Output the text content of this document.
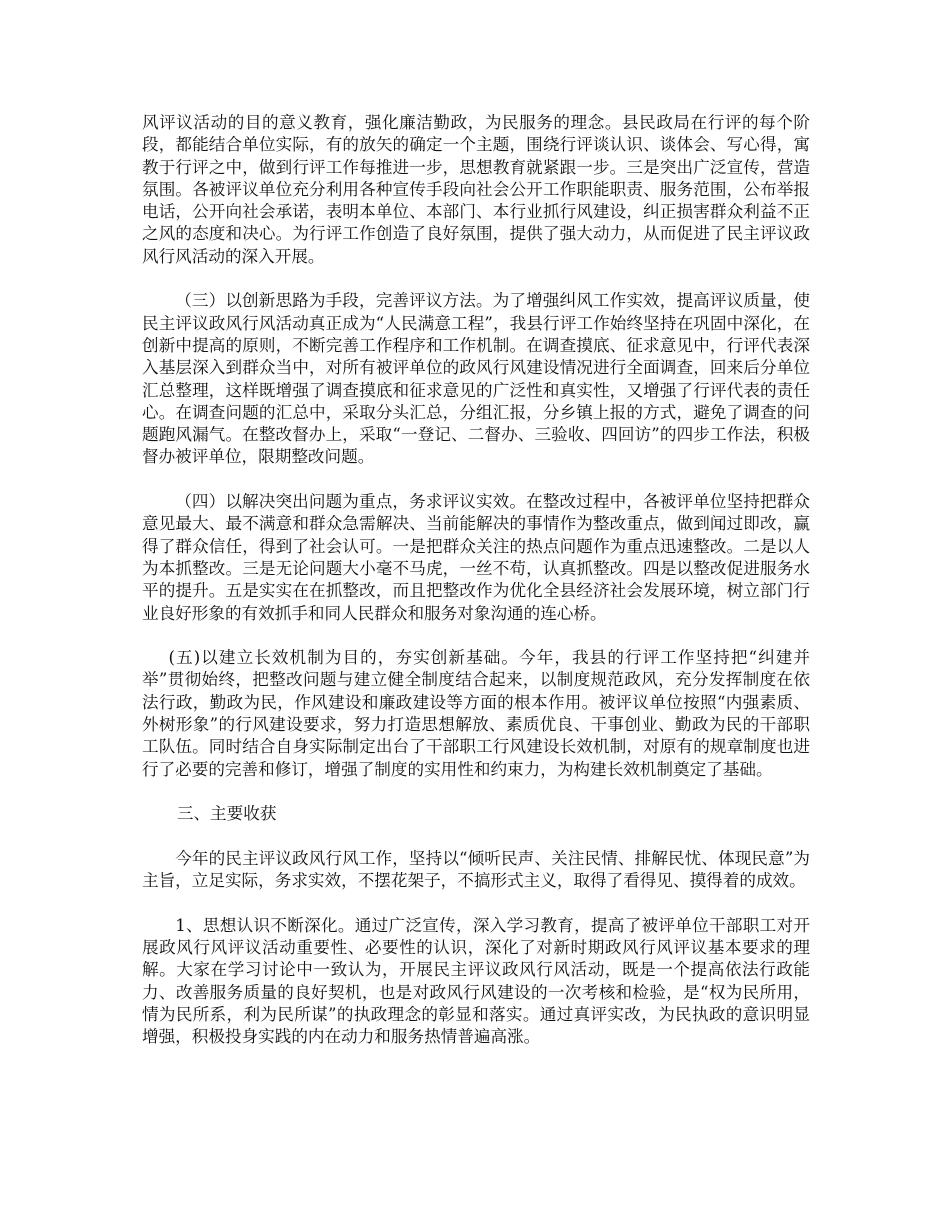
风评议活动的目的意义教育，强化廉洁勤政，为民服务的理念。县民政局在行评的每个阶段，都能结合单位实际，有的放矢的确定一个主题，围绕行评谈认识、谈体会、写心得，寓教于行评之中，做到行评工作每推进一步，思想教育就紧跟一步。三是突出广泛宣传，营造氛围。各被评议单位充分利用各种宣传手段向社会公开工作职能职责、服务范围，公布举报电话，公开向社会承诺，表明本单位、本部门、本行业抓行风建设，纠正损害群众利益不正之风的态度和决心。为行评工作创造了良好氛围，提供了强大动力，从而促进了民主评议政风行风活动的深入开展。

（三）以创新思路为手段，完善评议方法。为了增强纠风工作实效，提高评议质量，使民主评议政风行风活动真正成为“人民满意工程”，我县行评工作始终坚持在巩固中深化，在创新中提高的原则，不断完善工作程序和工作机制。在调查摸底、征求意见中，行评代表深入基层深入到群众当中，对所有被评单位的政风行风建设情况进行全面调查，回来后分单位汇总整理，这样既增强了调查摸底和征求意见的广泛性和真实性，又增强了行评代表的责任心。在调查问题的汇总中，采取分头汇总，分组汇报，分乡镇上报的方式，避免了调查的问题跑风漏气。在整改督办上，采取“一登记、二督办、三验收、四回访”的四步工作法，积极督办被评单位，限期整改问题。

（四）以解决突出问题为重点，务求评议实效。在整改过程中，各被评单位坚持把群众意见最大、最不满意和群众急需解决、当前能解决的事情作为整改重点，做到闻过即改，赢得了群众信任，得到了社会认可。一是把群众关注的热点问题作为重点迅速整改。二是以人为本抓整改。三是无论问题大小毫不马虎，一丝不苟，认真抓整改。四是以整改促进服务水平的提升。五是实实在在抓整改，而且把整改作为优化全县经济社会发展环境，树立部门行业良好形象的有效抓手和同人民群众和服务对象沟通的连心桥。

(五)以建立长效机制为目的，夯实创新基础。今年，我县的行评工作坚持把“纠建并举”贯彻始终，把整改问题与建立健全制度结合起来，以制度规范政风，充分发挥制度在依法行政，勤政为民，作风建设和廉政建设等方面的根本作用。被评议单位按照“内强素质、外树形象”的行风建设要求，努力打造思想解放、素质优良、干事创业、勤政为民的干部职工队伍。同时结合自身实际制定出台了干部职工行风建设长效机制，对原有的规章制度也进行了必要的完善和修订，增强了制度的实用性和约束力，为构建长效机制奠定了基础。

三、主要收获

今年的民主评议政风行风工作，坚持以“倾听民声、关注民情、排解民忧、体现民意”为主旨，立足实际，务求实效，不摆花架子，不搞形式主义，取得了看得见、摸得着的成效。

1、思想认识不断深化。通过广泛宣传，深入学习教育，提高了被评单位干部职工对开展政风行风评议活动重要性、必要性的认识，深化了对新时期政风行风评议基本要求的理解。大家在学习讨论中一致认为，开展民主评议政风行风活动，既是一个提高依法行政能力、改善服务质量的良好契机，也是对政风行风建设的一次考核和检验，是“权为民所用，情为民所系，利为民所谋”的执政理念的彰显和落实。通过真评实改，为民执政的意识明显增强，积极投身实践的内在动力和服务热情普遍高涨。
